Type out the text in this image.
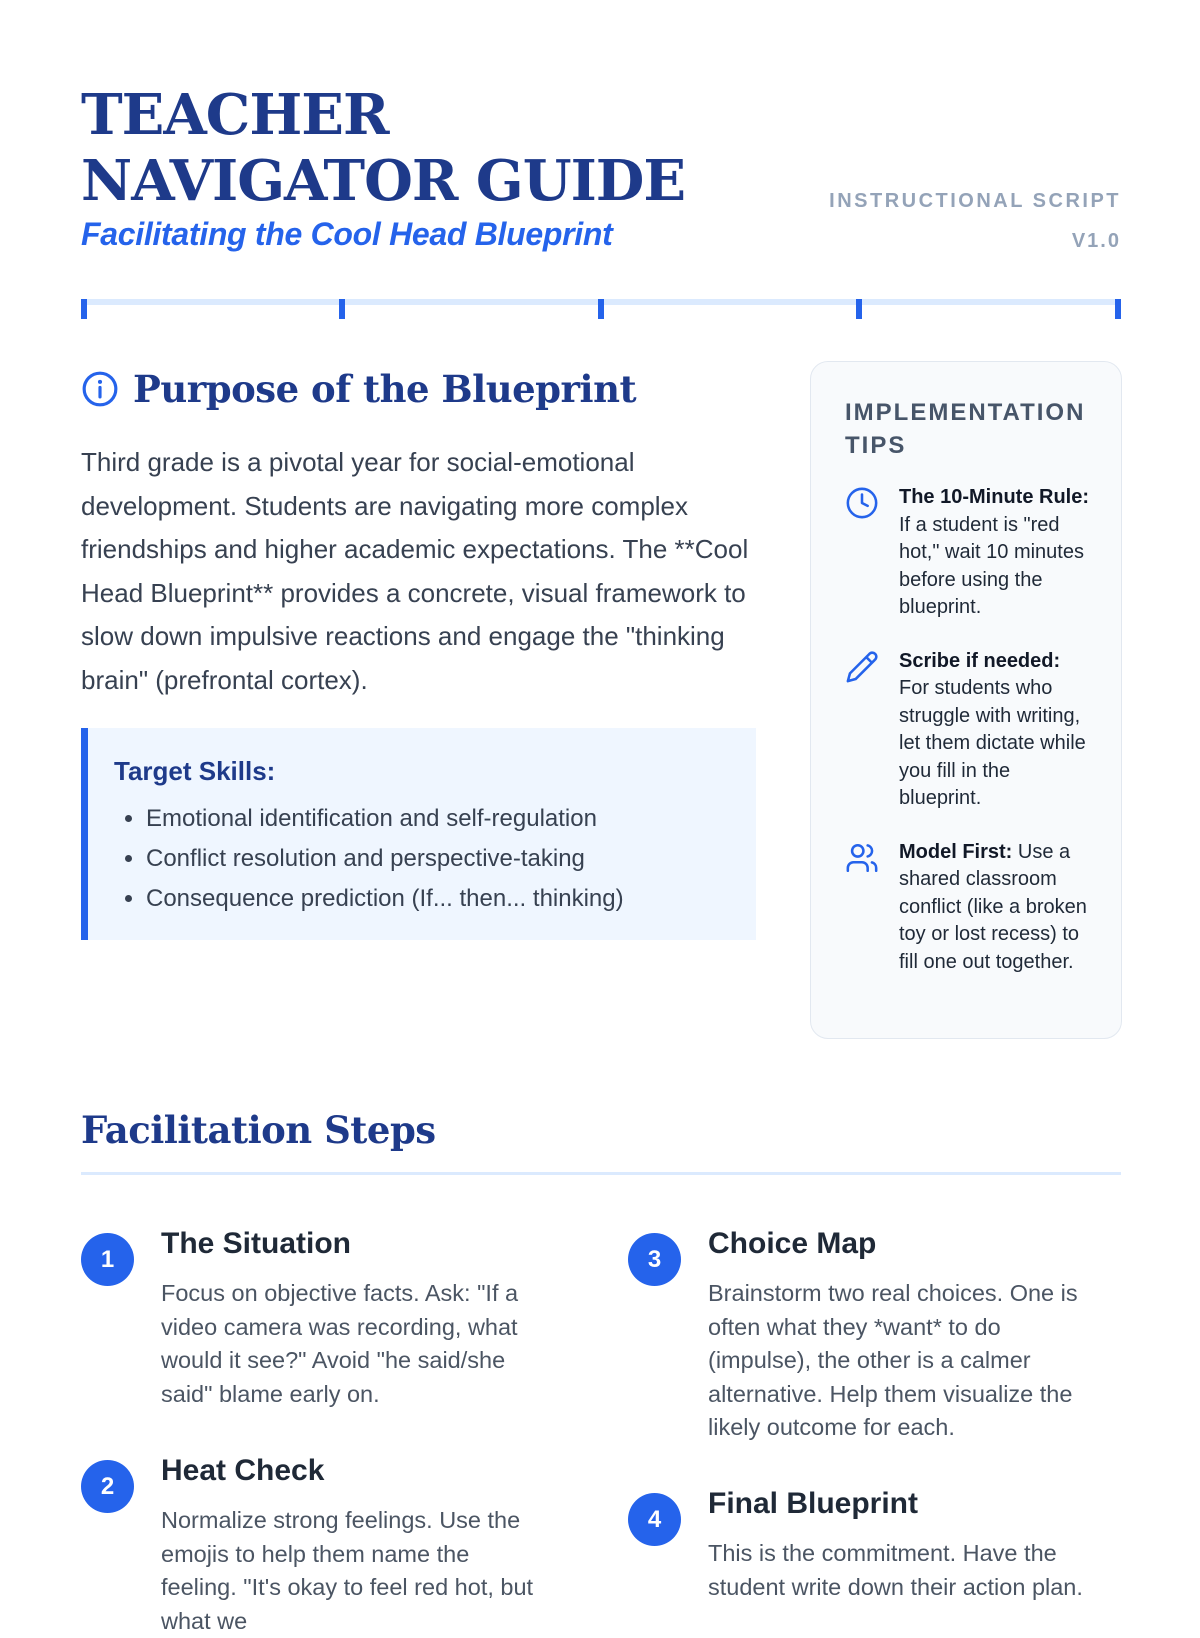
TEACHER NAVIGATOR GUIDE

Facilitating the Cool Head Blueprint

INSTRUCTIONAL SCRIPT
V1.0
Purpose of the Blueprint

Third grade is a pivotal year for social-emotional development. Students are navigating more complex friendships and higher academic expectations. The **Cool Head Blueprint** provides a concrete, visual framework to slow down impulsive reactions and engage the "thinking brain" (prefrontal cortex).

Target Skills:
• Emotional identification and self-regulation
• Conflict resolution and perspective-taking
• Consequence prediction (If... then... thinking)
IMPLEMENTATION TIPS
The 10-Minute Rule: If a student is "red hot," wait 10 minutes before using the blueprint.
Scribe if needed: For students who struggle with writing, let them dictate while you fill in the blueprint.
Model First: Use a shared classroom conflict (like a broken toy or lost recess) to fill one out together.
Facilitation Steps
1	The Situation

Focus on objective facts. Ask: "If a video camera was recording, what would it see?" Avoid "he said/she said" blame early on.

2	Heat Check

Normalize strong feelings. Use the emojis to help them name the feeling. "It's okay to feel red hot, but what we

3	Choice Map

Brainstorm two real choices. One is often what they *want* to do (impulse), the other is a calmer alternative. Help them visualize the likely outcome for each.

4	Final Blueprint

This is the commitment. Have the student write down their action plan.
